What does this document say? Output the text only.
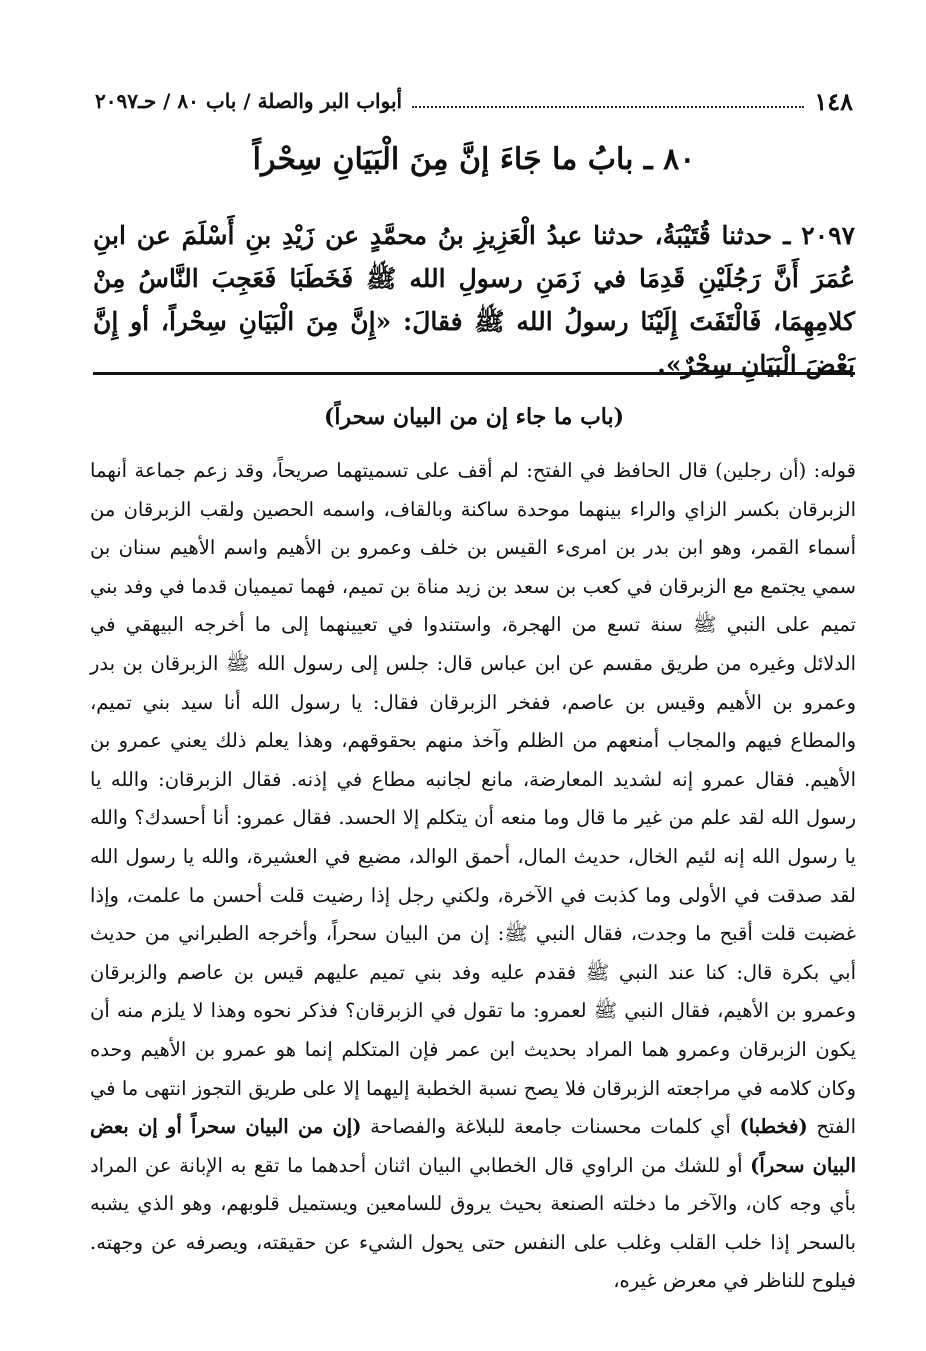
١٤٨
أبواب البر والصلة / باب ٨٠ / حـ٢٠٩٧
٨٠ ـ بابُ ما جَاءَ إنَّ مِنَ الْبَيَانِ سِحْراً

٢٠٩٧ ـ حدثنا قُتَيْبَةُ، حدثنا عبدُ الْعَزِيزِ بنُ محمَّدٍ عن زَيْدِ بنِ أَسْلَمَ عن ابنِ عُمَرَ أَنَّ رَجُلَيْنِ قَدِمَا في زَمَنِ رسولِ الله ﷺ فَخَطَبَا فَعَجِبَ النَّاسُ مِنْ كلامِهِمَا، فَالْتَفَتَ إِلَيْنَا رسولُ الله ﷺ فقالَ: «إِنَّ مِنَ الْبَيَانِ سِحْراً، أو إِنَّ بَعْضَ الْبَيَانِ سِحْرٌ».

(باب ما جاء إن من البيان سحراً)

قوله: (أن رجلين) قال الحافظ في الفتح: لم أقف على تسميتهما صريحاً، وقد زعم جماعة أنهما الزبرقان بكسر الزاي والراء بينهما موحدة ساكنة وبالقاف، واسمه الحصين ولقب الزبرقان من أسماء القمر، وهو ابن بدر بن امرىء القيس بن خلف وعمرو بن الأهيم واسم الأهيم سنان بن سمي يجتمع مع الزبرقان في كعب بن سعد بن زيد مناة بن تميم، فهما تميميان قدما في وفد بني تميم على النبي ﷺ سنة تسع من الهجرة، واستندوا في تعيينهما إلى ما أخرجه البيهقي في الدلائل وغيره من طريق مقسم عن ابن عباس قال: جلس إلى رسول الله ﷺ الزبرقان بن بدر وعمرو بن الأهيم وقيس بن عاصم، ففخر الزبرقان فقال: يا رسول الله أنا سيد بني تميم، والمطاع فيهم والمجاب أمنعهم من الظلم وآخذ منهم بحقوقهم، وهذا يعلم ذلك يعني عمرو بن الأهيم. فقال عمرو إنه لشديد المعارضة، مانع لجانبه مطاع في إذنه. فقال الزبرقان: والله يا رسول الله لقد علم من غير ما قال وما منعه أن يتكلم إلا الحسد. فقال عمرو: أنا أحسدك؟ والله يا رسول الله إنه لئيم الخال، حديث المال، أحمق الوالد، مضيع في العشيرة، والله يا رسول الله لقد صدقت في الأولى وما كذبت في الآخرة، ولكني رجل إذا رضيت قلت أحسن ما علمت، وإذا غضبت قلت أقبح ما وجدت، فقال النبي ﷺ: إن من البيان سحراً، وأخرجه الطبراني من حديث أبي بكرة قال: كنا عند النبي ﷺ فقدم عليه وفد بني تميم عليهم قيس بن عاصم والزبرقان وعمرو بن الأهيم، فقال النبي ﷺ لعمرو: ما تقول في الزبرقان؟ فذكر نحوه وهذا لا يلزم منه أن يكون الزبرقان وعمرو هما المراد بحديث ابن عمر فإن المتكلم إنما هو عمرو بن الأهيم وحده وكان كلامه في مراجعته الزبرقان فلا يصح نسبة الخطبة إليهما إلا على طريق التجوز انتهى ما في الفتح (فخطبا) أي كلمات محسنات جامعة للبلاغة والفصاحة (إن من البيان سحراً أو إن بعض البيان سحراً) أو للشك من الراوي قال الخطابي البيان اثنان أحدهما ما تقع به الإبانة عن المراد بأي وجه كان، والآخر ما دخلته الصنعة بحيث يروق للسامعين ويستميل قلوبهم، وهو الذي يشبه بالسحر إذا خلب القلب وغلب على النفس حتى يحول الشيء عن حقيقته، ويصرفه عن وجهته. فيلوح للناظر في معرض غيره،
